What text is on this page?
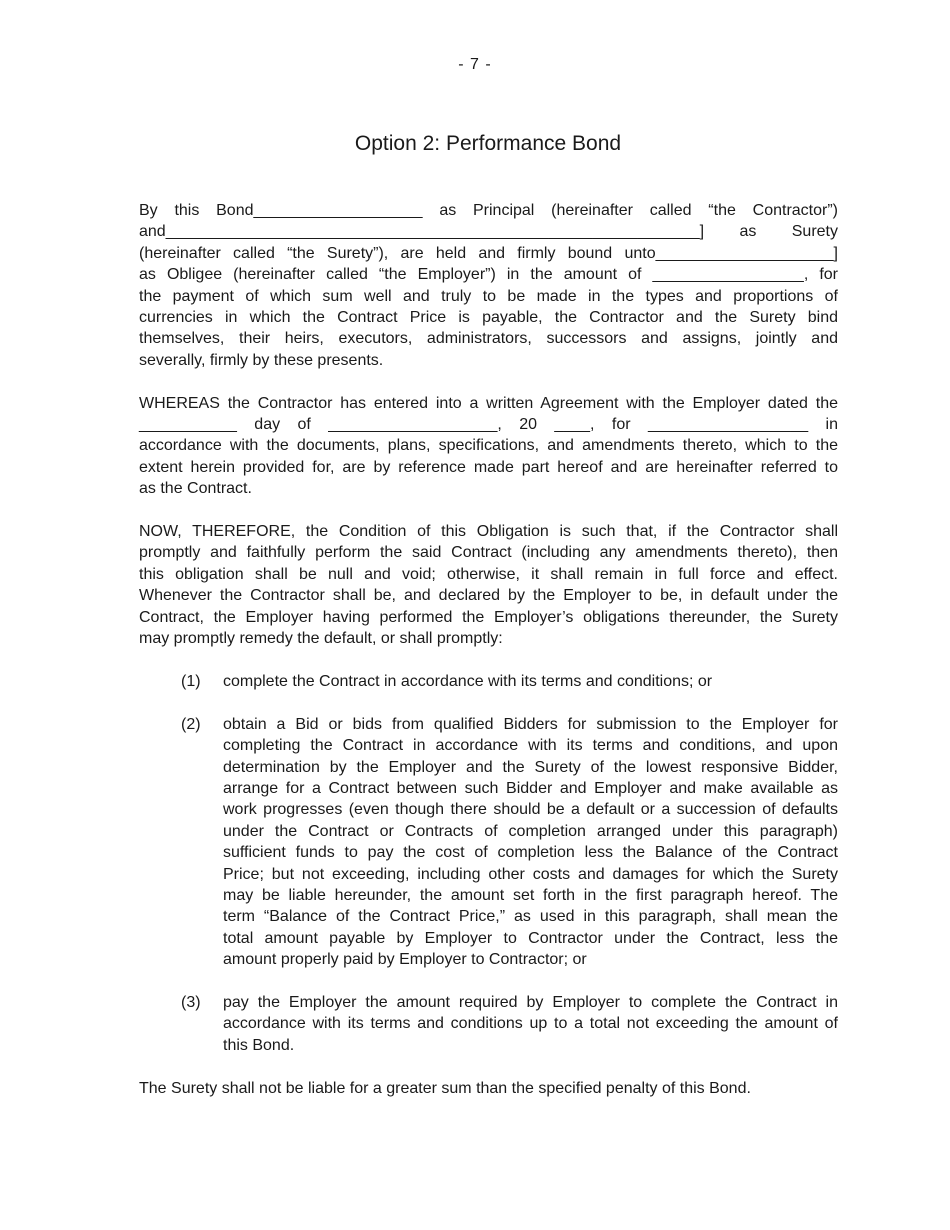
- 7 -
Option 2: Performance Bond

By this Bond___________________ as Principal (hereinafter called “the Contractor”)
and____________________________________________________________] as Surety
(hereinafter called “the Surety”), are held and firmly bound unto____________________]
as Obligee (hereinafter called “the Employer”) in the amount of _________________, for
the payment of which sum well and truly to be made in the types and proportions of
currencies in which the Contract Price is payable, the Contractor and the Surety bind
themselves, their heirs, executors, administrators, successors and assigns, jointly and
severally, firmly by these presents.

WHEREAS the Contractor has entered into a written Agreement with the Employer dated the
___________ day of ___________________, 20 ____, for __________________ in
accordance with the documents, plans, specifications, and amendments thereto, which to the
extent herein provided for, are by reference made part hereof and are hereinafter referred to
as the Contract.

NOW, THEREFORE, the Condition of this Obligation is such that, if the Contractor shall
promptly and faithfully perform the said Contract (including any amendments thereto), then
this obligation shall be null and void; otherwise, it shall remain in full force and effect.
Whenever the Contractor shall be, and declared by the Employer to be, in default under the
Contract, the Employer having performed the Employer’s obligations thereunder, the Surety
may promptly remedy the default, or shall promptly:

(1) complete the Contract in accordance with its terms and conditions; or
(2) obtain a Bid or bids from qualified Bidders for submission to the Employer for
completing the Contract in accordance with its terms and conditions, and upon
determination by the Employer and the Surety of the lowest responsive Bidder,
arrange for a Contract between such Bidder and Employer and make available as
work progresses (even though there should be a default or a succession of defaults
under the Contract or Contracts of completion arranged under this paragraph)
sufficient funds to pay the cost of completion less the Balance of the Contract
Price; but not exceeding, including other costs and damages for which the Surety
may be liable hereunder, the amount set forth in the first paragraph hereof. The
term “Balance of the Contract Price,” as used in this paragraph, shall mean the
total amount payable by Employer to Contractor under the Contract, less the
amount properly paid by Employer to Contractor; or
(3) pay the Employer the amount required by Employer to complete the Contract in
accordance with its terms and conditions up to a total not exceeding the amount of
this Bond.

The Surety shall not be liable for a greater sum than the specified penalty of this Bond.
